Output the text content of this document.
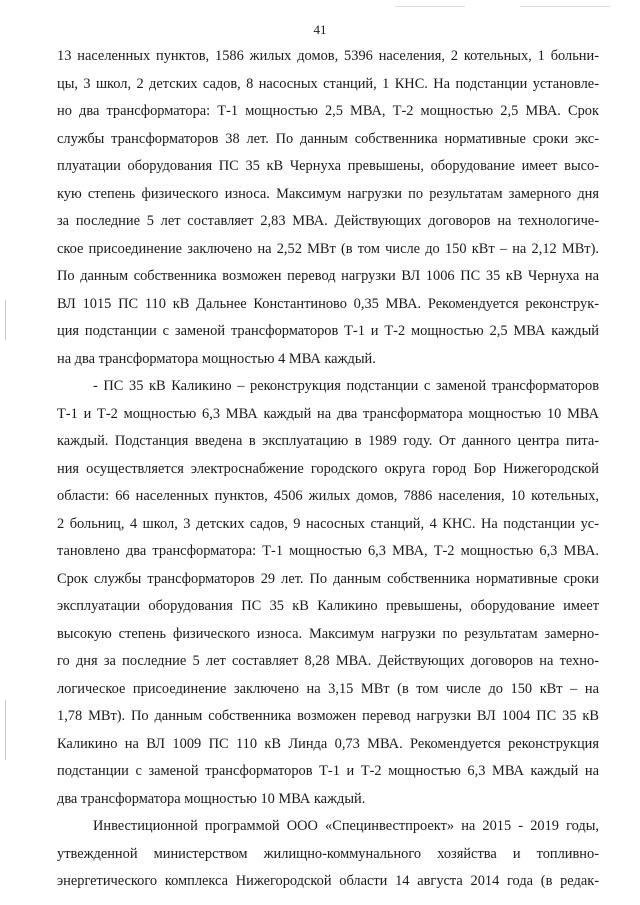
41
13 населенных пунктов, 1586 жилых домов, 5396 населения, 2 котельных, 1 больни-
цы, 3 школ, 2 детских садов, 8 насосных станций, 1 КНС. На подстанции установле-
но два трансформатора: Т-1 мощностью 2,5 МВА, Т-2 мощностью 2,5 МВА. Срок
службы трансформаторов 38 лет. По данным собственника нормативные сроки экс-
плуатации оборудования ПС 35 кВ Чернуха превышены, оборудование имеет высо-
кую степень физического износа. Максимум нагрузки по результатам замерного дня
за последние 5 лет составляет 2,83 МВА. Действующих договоров на технологиче-
ское присоединение заключено на 2,52 МВт (в том числе до 150 кВт – на 2,12 МВт).
По данным собственника возможен перевод нагрузки ВЛ 1006 ПС 35 кВ Чернуха на
ВЛ 1015 ПС 110 кВ Дальнее Константиново 0,35 МВА. Рекомендуется реконструк-
ция подстанции с заменой трансформаторов Т-1 и Т-2 мощностью 2,5 МВА каждый
на два трансформатора мощностью 4 МВА каждый.
- ПС 35 кВ Каликино – реконструкция подстанции с заменой трансформаторов
Т-1 и Т-2 мощностью 6,3 МВА каждый на два трансформатора мощностью 10 МВА
каждый. Подстанция введена в эксплуатацию в 1989 году. От данного центра пита-
ния осуществляется электроснабжение городского округа город Бор Нижегородской
области: 66 населенных пунктов, 4506 жилых домов, 7886 населения, 10 котельных,
2 больниц, 4 школ, 3 детских садов, 9 насосных станций, 4 КНС. На подстанции ус-
тановлено два трансформатора: Т-1 мощностью 6,3 МВА, Т-2 мощностью 6,3 МВА.
Срок службы трансформаторов 29 лет. По данным собственника нормативные сроки
эксплуатации оборудования ПС 35 кВ Каликино превышены, оборудование имеет
высокую степень физического износа. Максимум нагрузки по результатам замерно-
го дня за последние 5 лет составляет 8,28 МВА. Действующих договоров на техно-
логическое присоединение заключено на 3,15 МВт (в том числе до 150 кВт – на
1,78 МВт). По данным собственника возможен перевод нагрузки ВЛ 1004 ПС 35 кВ
Каликино на ВЛ 1009 ПС 110 кВ Линда 0,73 МВА. Рекомендуется реконструкция
подстанции с заменой трансформаторов Т-1 и Т-2 мощностью 6,3 МВА каждый на
два трансформатора мощностью 10 МВА каждый.
Инвестиционной программой ООО «Специнвестпроект» на 2015 - 2019 годы,
утвежденной министерством жилищно-коммунального хозяйства и топливно-
энергетического комплекса Нижегородской области 14 августа 2014 года (в редак-
